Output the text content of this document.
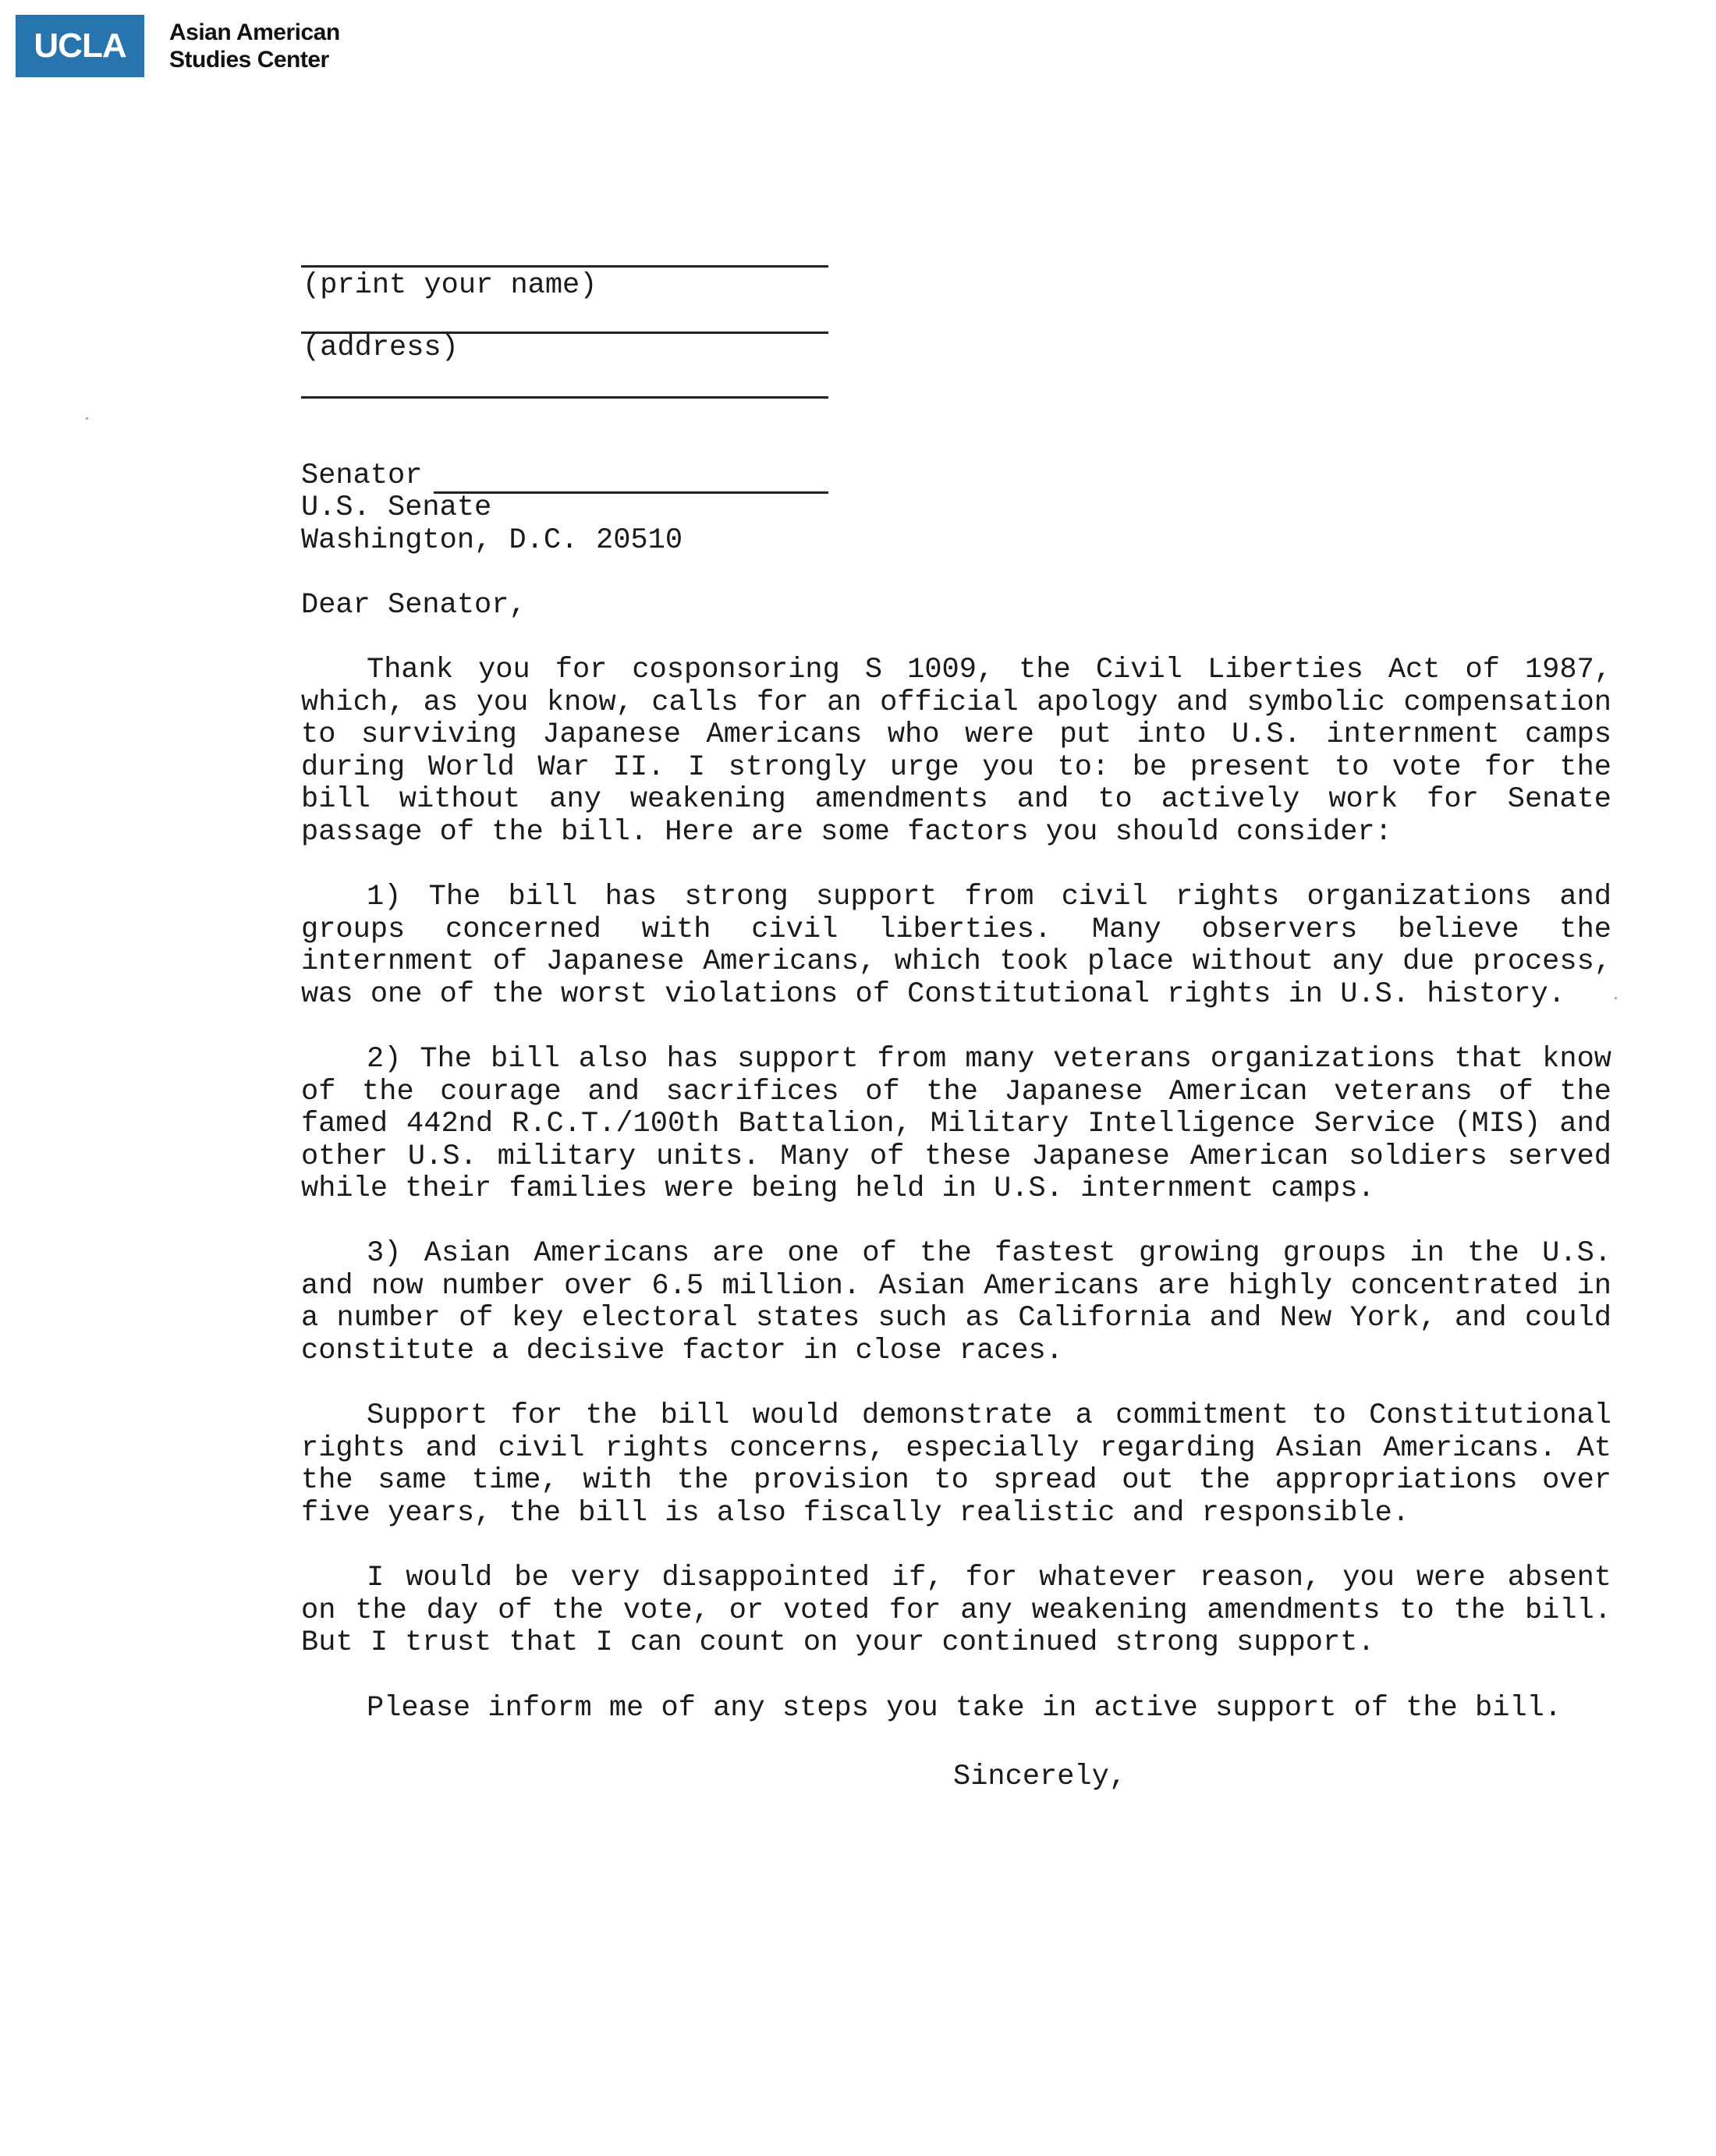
UCLA	Asian American
Studies Center
(print your name)
(address)
Senator
U.S. Senate
Washington, D.C. 20510
Dear Senator,

Thank you for cosponsoring S 1009, the Civil Liberties Act of 1987, which, as you know, calls for an official apology and symbolic compensation to surviving Japanese Americans who were put into U.S. internment camps during World War II. I strongly urge you to: be present to vote for the bill without any weakening amendments and to actively work for Senate passage of the bill. Here are some factors you should consider:

1) The bill has strong support from civil rights organizations and groups concerned with civil liberties. Many observers believe the internment of Japanese Americans, which took place without any due process, was one of the worst violations of Constitutional rights in U.S. history.

2) The bill also has support from many veterans organizations that know of the courage and sacrifices of the Japanese American veterans of the famed 442nd R.C.T./100th Battalion, Military Intelligence Service (MIS) and other U.S. military units. Many of these Japanese American soldiers served while their families were being held in U.S. internment camps.

3) Asian Americans are one of the fastest growing groups in the U.S. and now number over 6.5 million. Asian Americans are highly concentrated in a number of key electoral states such as California and New York, and could constitute a decisive factor in close races.

Support for the bill would demonstrate a commitment to Constitutional rights and civil rights concerns, especially regarding Asian Americans. At the same time, with the provision to spread out the appropriations over five years, the bill is also fiscally realistic and responsible.

I would be very disappointed if, for whatever reason, you were absent on the day of the vote, or voted for any weakening amendments to the bill. But I trust that I can count on your continued strong support.

Please inform me of any steps you take in active support of the bill.

Sincerely,
